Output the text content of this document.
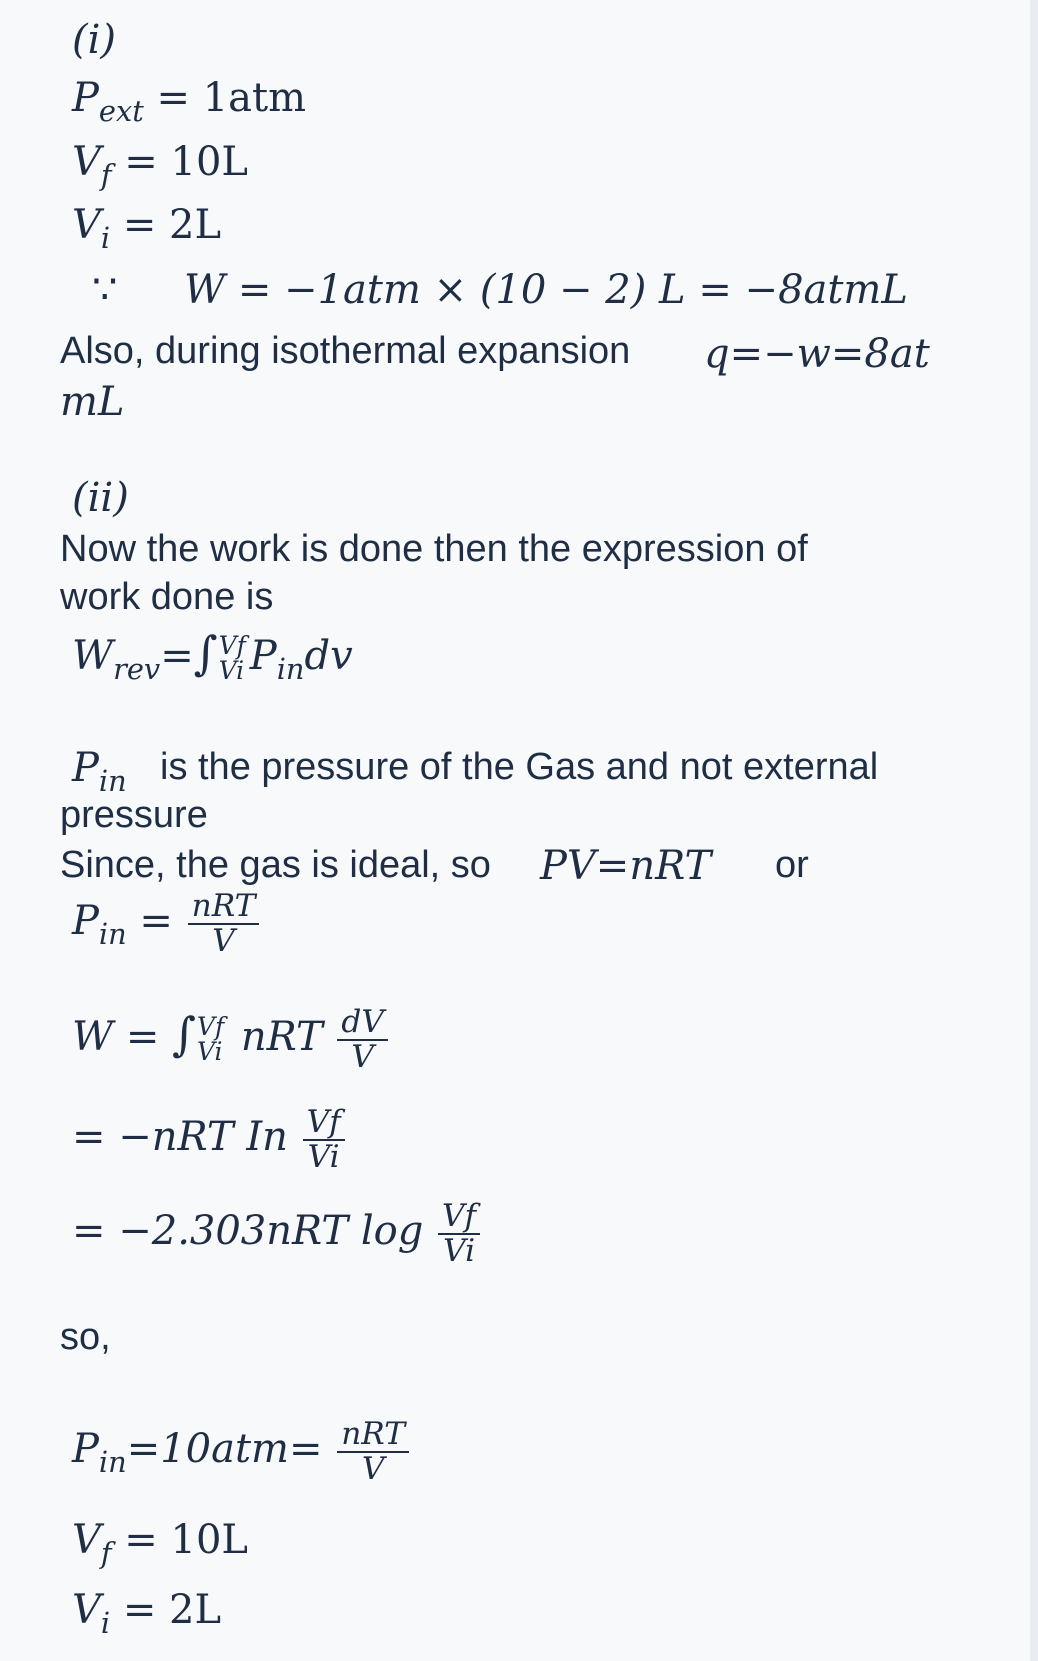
(i)
$P_{ext} = 1atm$
$V_f = 10L$
$V_i = 2L$
∵ W = −1atm × (10 − 2) L = −8atmL
Also, during isothermal expansion q=−w=8at
mL
(ii)
Now the work is done then the expression of
work done is
$W_{rev}=\int$ Vf
Vi $P_{in}dv$
$P_{in}$ is the pressure of the Gas and not external
pressure
Since, the gas is ideal, so PV=nRT or
$P_{in} = \frac{\text{nRT}}{V}$
W = ∫ Vf
Vi nRT $\frac{dV}{V}$
= −nRT In $\frac{Vf}{Vi}$
= −2.303nRT $\log \frac{Vf}{Vi}$
so,
$P_{in}=10atm= \frac{\text{nRT}}{V}$
$V_f = 10L$
$V_i = 2L$
